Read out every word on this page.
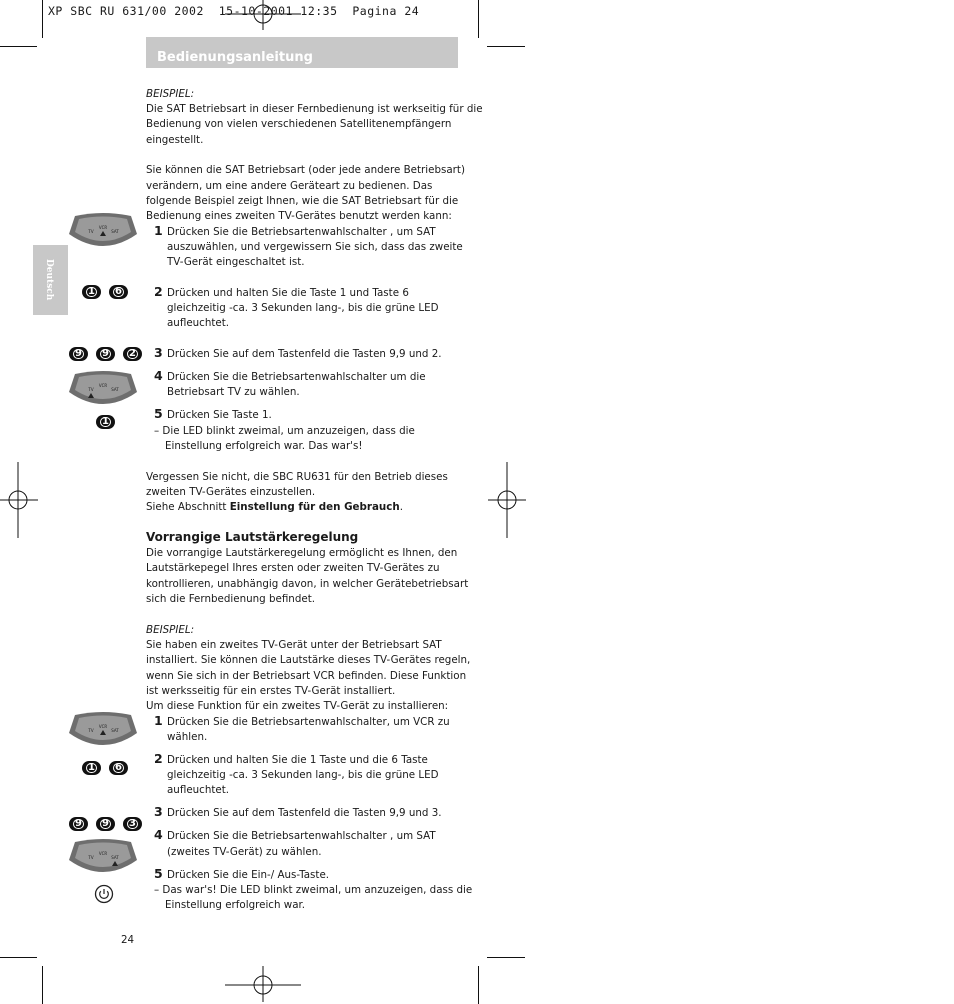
XP SBC RU 631/00 2002  15-10-2001 12:35  Pagina 24
Bedienungsanleitung
Deutsch
BEISPIEL:
Die SAT Betriebsart in dieser Fernbedienung ist werkseitig für die
Bedienung von vielen verschiedenen Satellitenempfängern
eingestellt.
Sie können die SAT Betriebsart (oder jede andere Betriebsart)
verändern, um eine andere Geräteart zu bedienen. Das
folgende Beispiel zeigt Ihnen, wie die SAT Betriebsart für die
Bedienung eines zweiten TV-Gerätes benutzt werden kann:
1 Drücken Sie die Betriebsartenwahlschalter , um SAT
auszuwählen, und vergewissern Sie sich, dass das zweite
TV-Gerät eingeschaltet ist.
2 Drücken und halten Sie die Taste 1 und Taste 6
gleichzeitig -ca. 3 Sekunden lang-, bis die grüne LED
aufleuchtet.
3 Drücken Sie auf dem Tastenfeld die Tasten 9,9 und 2.
4 Drücken Sie die Betriebsartenwahlschalter um die
Betriebsart TV zu wählen.
5 Drücken Sie Taste 1.
– Die LED blinkt zweimal, um anzuzeigen, dass die
Einstellung erfolgreich war. Das war's!
Vergessen Sie nicht, die SBC RU631 für den Betrieb dieses
zweiten TV-Gerätes einzustellen.
Siehe Abschnitt Einstellung für den Gebrauch.
Vorrangige Lautstärkeregelung
Die vorrangige Lautstärkeregelung ermöglicht es Ihnen, den
Lautstärkepegel Ihres ersten oder zweiten TV-Gerätes zu
kontrollieren, unabhängig davon, in welcher Gerätebetriebsart
sich die Fernbedienung befindet.
BEISPIEL:
Sie haben ein zweites TV-Gerät unter der Betriebsart SAT
installiert. Sie können die Lautstärke dieses TV-Gerätes regeln,
wenn Sie sich in der Betriebsart VCR befinden. Diese Funktion
ist werksseitig für ein erstes TV-Gerät installiert.
Um diese Funktion für ein zweites TV-Gerät zu installieren:
1 Drücken Sie die Betriebsartenwahlschalter, um VCR zu
wählen.
2 Drücken und halten Sie die 1 Taste und die 6 Taste
gleichzeitig -ca. 3 Sekunden lang-, bis die grüne LED
aufleuchtet.
3 Drücken Sie auf dem Tastenfeld die Tasten 9,9 und 3.
4 Drücken Sie die Betriebsartenwahlschalter , um SAT
(zweites TV-Gerät) zu wählen.
5 Drücken Sie die Ein-/ Aus-Taste.
– Das war's! Die LED blinkt zweimal, um anzuzeigen, dass die
Einstellung erfolgreich war.
24
VCR
TV	SAT
VCR
TV	SAT
VCR
TV	SAT
VCR
TV	SAT
1	6
9	9	2
1
1	6
9	9	3
